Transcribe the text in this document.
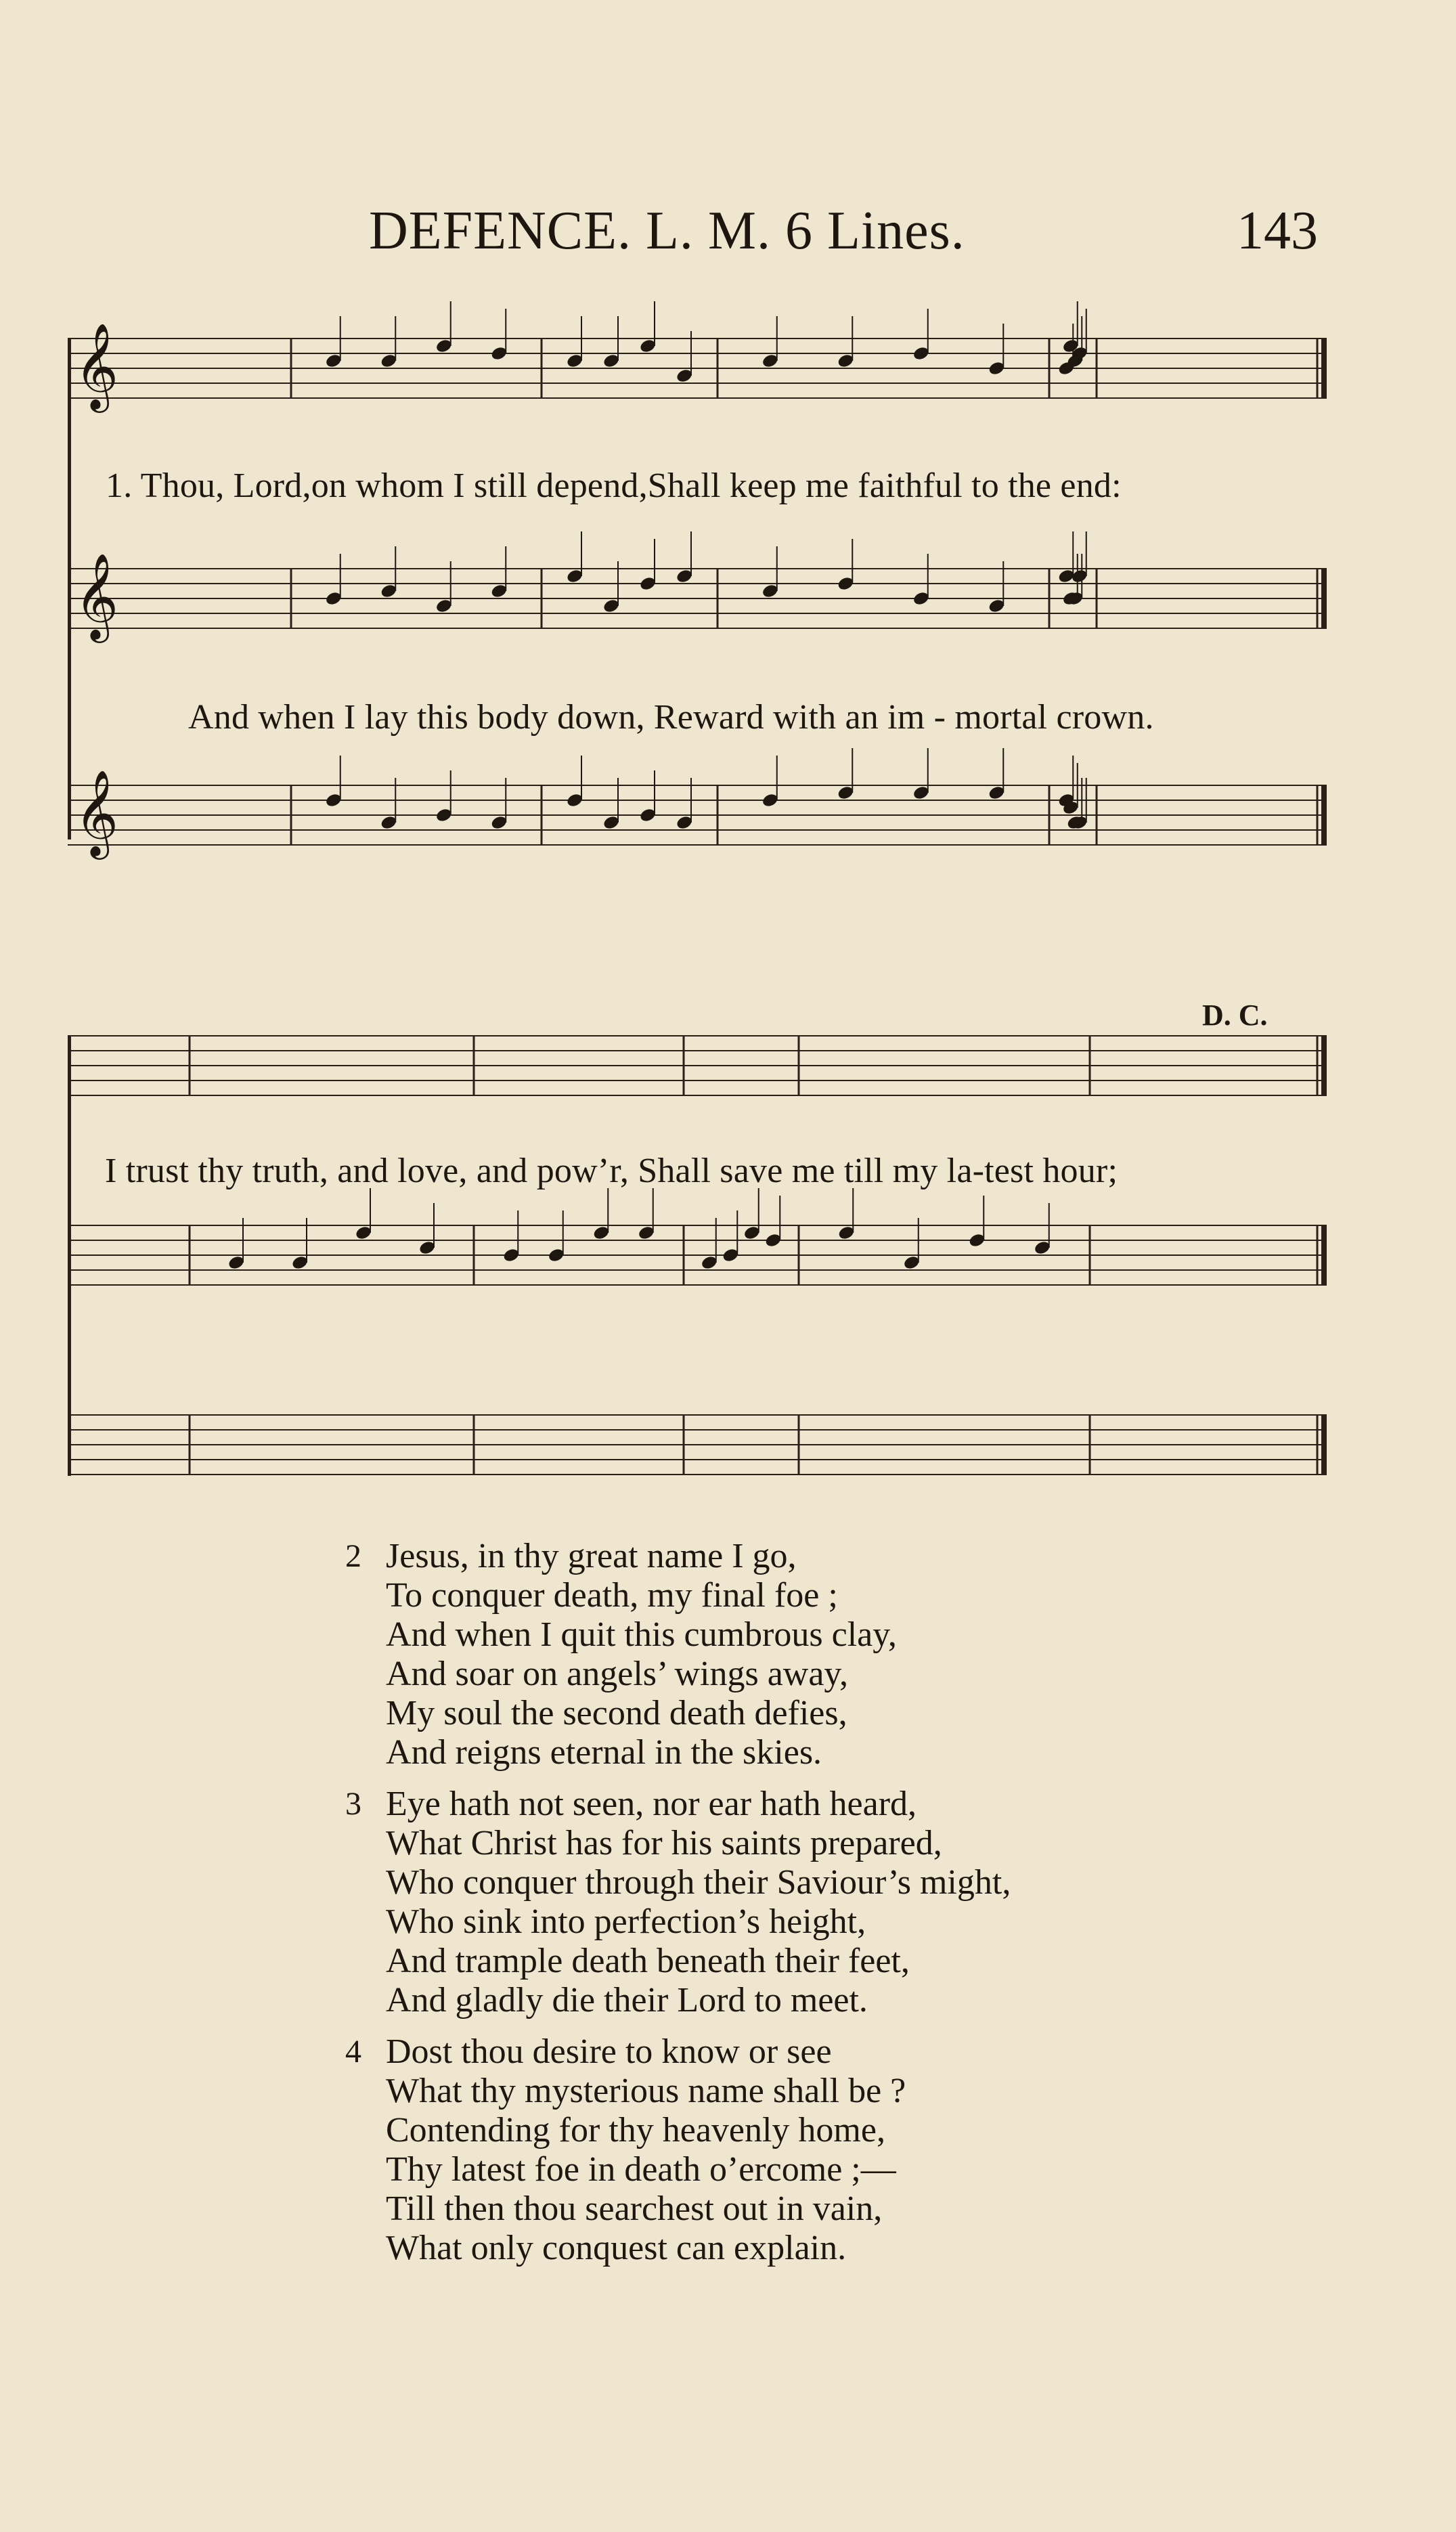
DEFENCE. L. M. 6 Lines.	143
𝄞
𝄞
𝄞
1. Thou, Lord,on whom I still depend,Shall keep me faithful to the end:
And when I lay this body down, Reward with an im - mortal crown.
D. C.
I trust thy truth, and love, and pow’r, Shall save me till my la-test hour;
2 Jesus, in thy great name I go,
To conquer death, my final foe ;
And when I quit this cumbrous clay,
And soar on angels’ wings away,
My soul the second death defies,
And reigns eternal in the skies.
3 Eye hath not seen, nor ear hath heard,
What Christ has for his saints prepared,
Who conquer through their Saviour’s might,
Who sink into perfection’s height,
And trample death beneath their feet,
And gladly die their Lord to meet.
4 Dost thou desire to know or see
What thy mysterious name shall be ?
Contending for thy heavenly home,
Thy latest foe in death o’ercome ;—
Till then thou searchest out in vain,
What only conquest can explain.
